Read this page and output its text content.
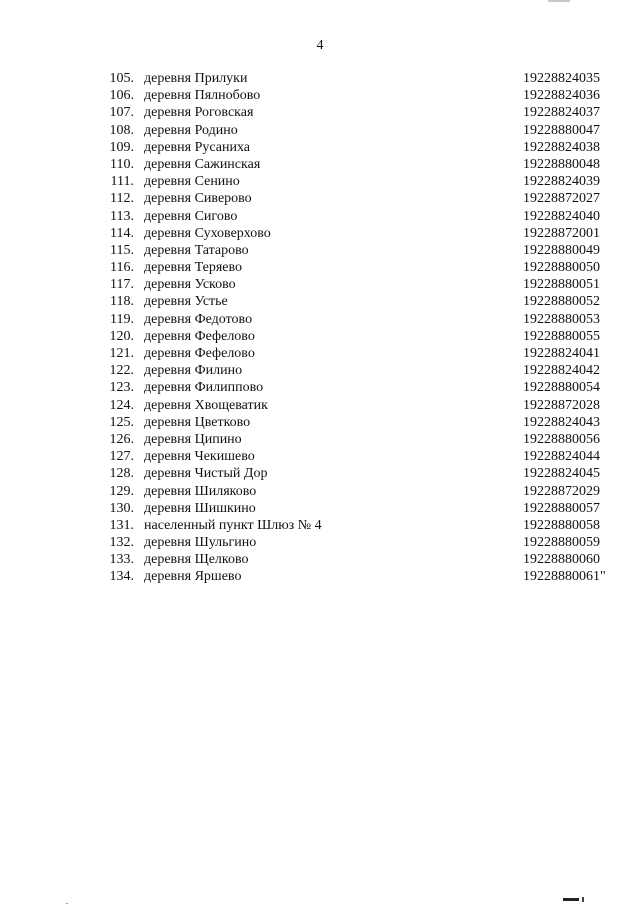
4
105. деревня Прилуки	19228824035
106. деревня Пялнобово	19228824036
107. деревня Роговская	19228824037
108. деревня Родино	19228880047
109. деревня Русаниха	19228824038
110. деревня Сажинская	19228880048
111. деревня Сенино	19228824039
112. деревня Сиверово	19228872027
113. деревня Сигово	19228824040
114. деревня Суховерхово	19228872001
115. деревня Татарово	19228880049
116. деревня Теряево	19228880050
117. деревня Усково	19228880051
118. деревня Устье	19228880052
119. деревня Федотово	19228880053
120. деревня Фефелово	19228880055
121. деревня Фефелово	19228824041
122. деревня Филино	19228824042
123. деревня Филиппово	19228880054
124. деревня Хвощеватик	19228872028
125. деревня Цветково	19228824043
126. деревня Ципино	19228880056
127. деревня Чекишево	19228824044
128. деревня Чистый Дор	19228824045
129. деревня Шиляково	19228872029
130. деревня Шишкино	19228880057
131. населенный пункт Шлюз № 4	19228880058
132. деревня Шульгино	19228880059
133. деревня Щелково	19228880060
134. деревня Яршево	19228880061"
